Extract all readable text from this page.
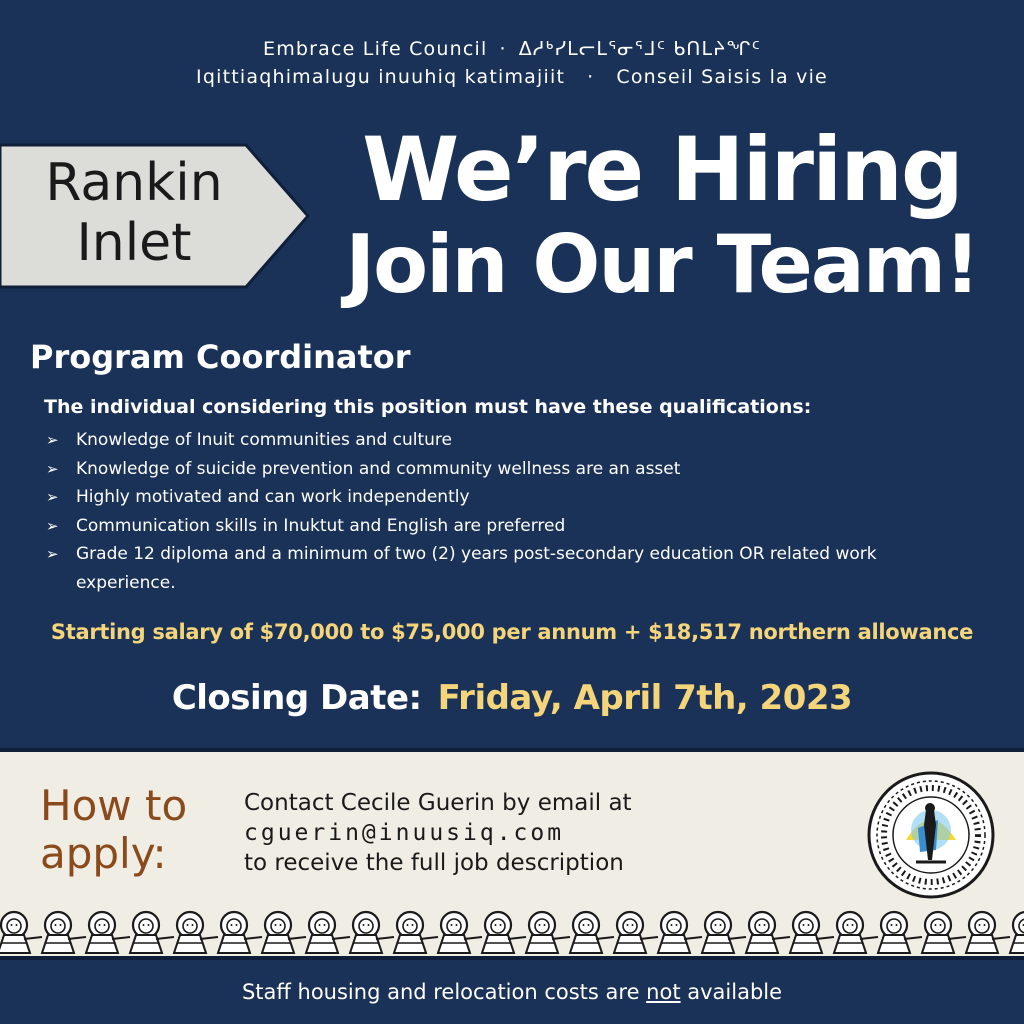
Embrace Life Council · ᐃᓱᒃᓯᒪᓕᒪᕐᓂᕐᒧᑦ ᑲᑎᒪᔨᖏᑦ
Iqittiaqhimalugu inuuhiq katimajiit · Conseil Saisis la vie
Rankin
Inlet
We’re Hiring
Join Our Team!
Program Coordinator
The individual considering this position must have these qualifications:
➢ Knowledge of Inuit communities and culture
➢ Knowledge of suicide prevention and community wellness are an asset
➢ Highly motivated and can work independently
➢ Communication skills in Inuktut and English are preferred
➢ Grade 12 diploma and a minimum of two (2) years post-secondary education OR related work experience.
Starting salary of $70,000 to $75,000 per annum + $18,517 northern allowance
Closing Date: Friday, April 7th, 2023
How to
apply:
Contact Cecile Guerin by email at
cguerin@inuusiq.com
to receive the full job description
Staff housing and relocation costs are not available
